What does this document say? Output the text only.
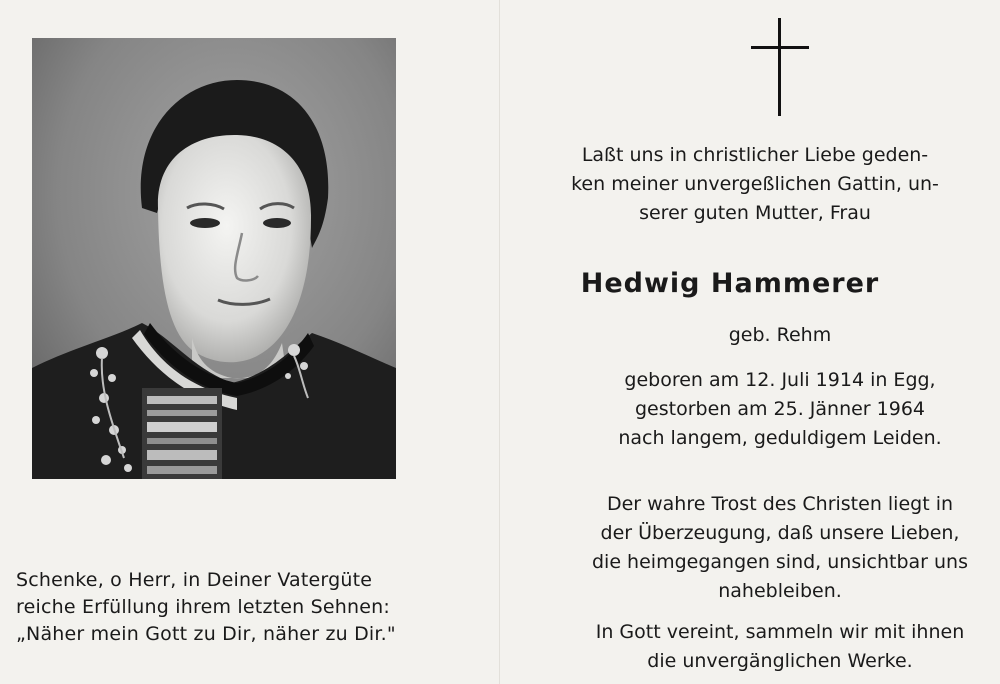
Schenke, o Herr, in Deiner Vatergüte
reiche Erfüllung ihrem letzten Sehnen:
„Näher mein Gott zu Dir, näher zu Dir."
Laßt uns in christlicher Liebe geden-
ken meiner unvergeßlichen Gattin, un-
serer guten Mutter, Frau
Hedwig Hammerer
geb. Rehm
geboren am 12. Juli 1914 in Egg,
gestorben am 25. Jänner 1964
nach langem, geduldigem Leiden.
Der wahre Trost des Christen liegt in
der Überzeugung, daß unsere Lieben,
die heimgegangen sind, unsichtbar uns
nahebleiben.
In Gott vereint, sammeln wir mit ihnen
die unvergänglichen Werke.
